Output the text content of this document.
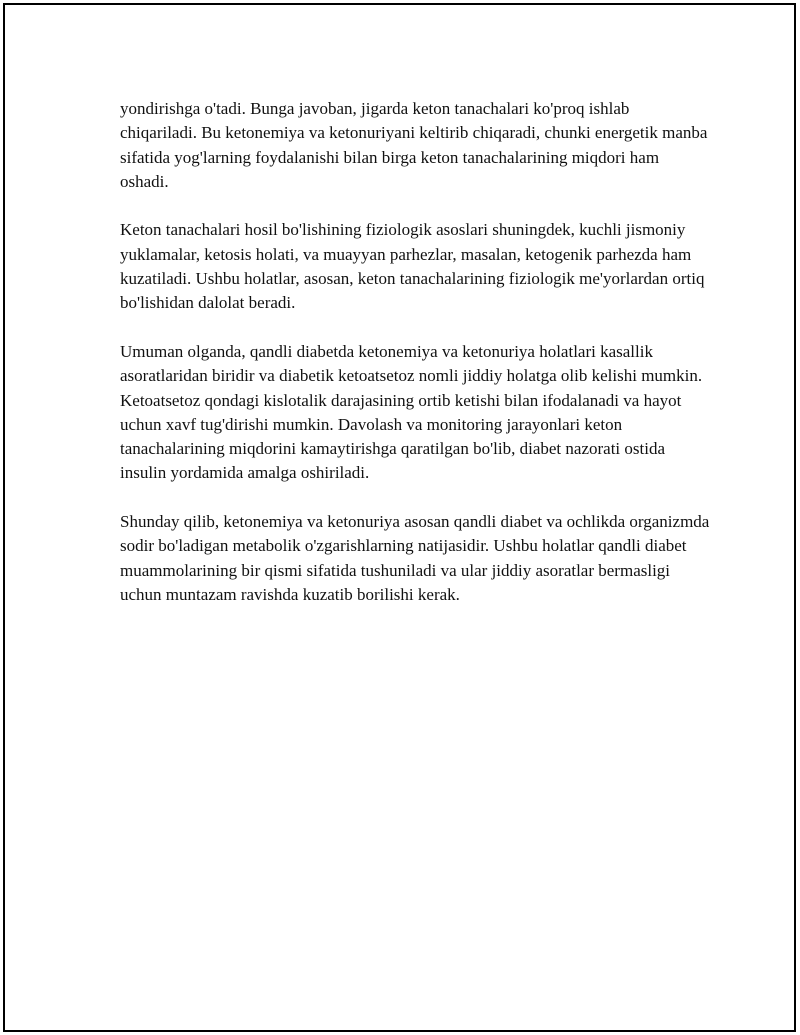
yondirishga o'tadi. Bunga javoban, jigarda keton tanachalari ko'proq ishlab chiqariladi. Bu ketonemiya va ketonuriyani keltirib chiqaradi, chunki energetik manba sifatida yog'larning foydalanishi bilan birga keton tanachalarining miqdori ham oshadi.

Keton tanachalari hosil bo'lishining fiziologik asoslari shuningdek, kuchli jismoniy yuklamalar, ketosis holati, va muayyan parhezlar, masalan, ketogenik parhezda ham kuzatiladi. Ushbu holatlar, asosan, keton tanachalarining fiziologik me'yorlardan ortiq bo'lishidan dalolat beradi.

Umuman olganda, qandli diabetda ketonemiya va ketonuriya holatlari kasallik asoratlaridan biridir va diabetik ketoatsetoz nomli jiddiy holatga olib kelishi mumkin. Ketoatsetoz qondagi kislotalik darajasining ortib ketishi bilan ifodalanadi va hayot uchun xavf tug'dirishi mumkin. Davolash va monitoring jarayonlari keton tanachalarining miqdorini kamaytirishga qaratilgan bo'lib, diabet nazorati ostida insulin yordamida amalga oshiriladi.

Shunday qilib, ketonemiya va ketonuriya asosan qandli diabet va ochlikda organizmda sodir bo'ladigan metabolik o'zgarishlarning natijasidir. Ushbu holatlar qandli diabet muammolarining bir qismi sifatida tushuniladi va ular jiddiy asoratlar bermasligi uchun muntazam ravishda kuzatib borilishi kerak.
